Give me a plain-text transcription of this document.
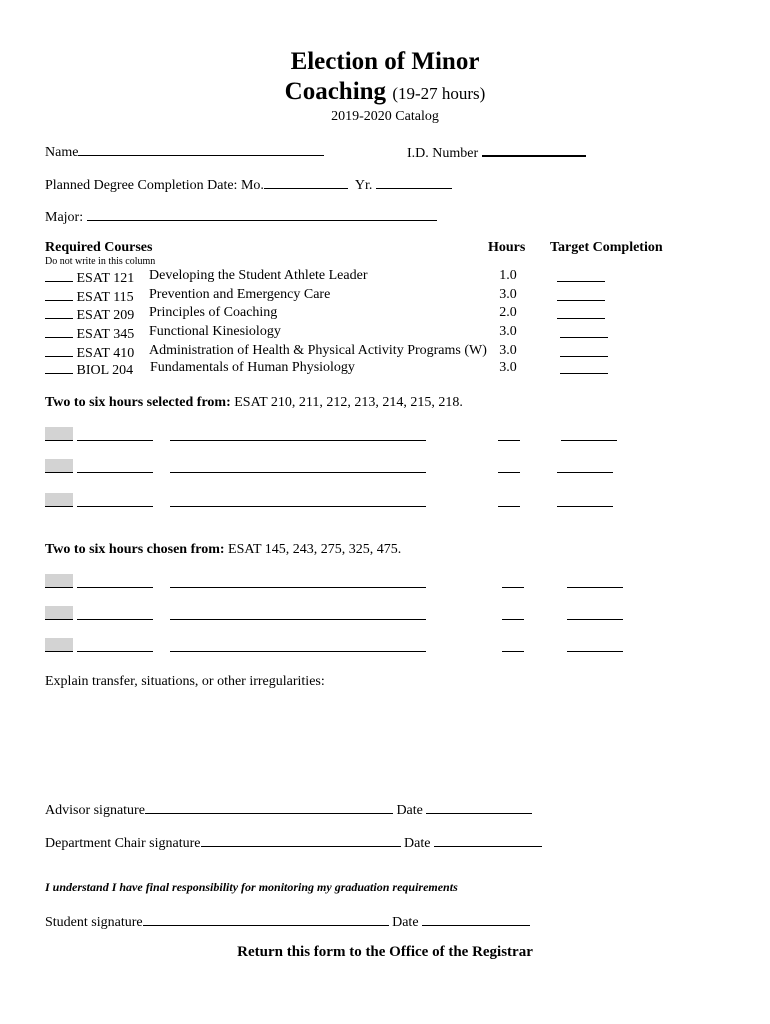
Election of Minor
Coaching (19-27 hours)
2019-2020 Catalog
Name	I.D. Number
Planned Degree Completion Date: Mo.	Yr.
Major:
Required Courses	Hours Target Completion
Do not write in this column
ESAT 121 Developing the Student Athlete Leader	1.0
ESAT 115 Prevention and Emergency Care	3.0
ESAT 209 Principles of Coaching	2.0
ESAT 345 Functional Kinesiology	3.0
ESAT 410 Administration of Health & Physical Activity Programs (W) 3.0
BIOL 204 Fundamentals of Human Physiology	3.0
Two to six hours selected from: ESAT 210, 211, 212, 213, 214, 215, 218.
Two to six hours chosen from: ESAT 145, 243, 275, 325, 475.
Explain transfer, situations, or other irregularities:
Advisor signature	Date
Department Chair signature	Date
I understand I have final responsibility for monitoring my graduation requirements
Student signature	Date
Return this form to the Office of the Registrar
